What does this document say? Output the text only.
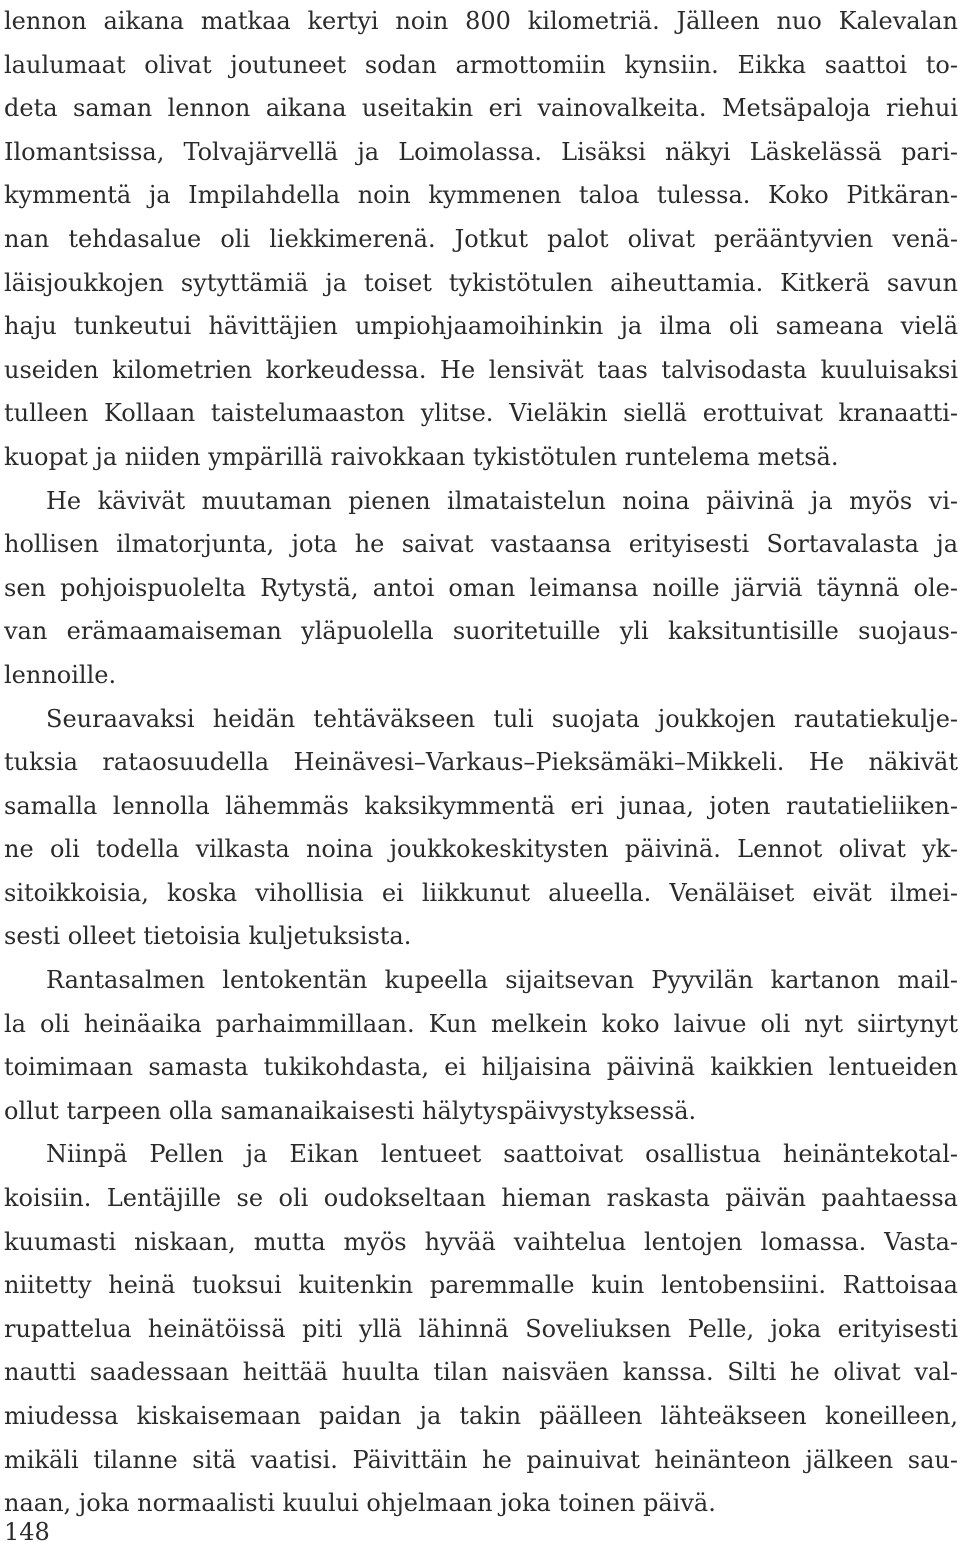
lennon aikana matkaa kertyi noin 800 kilometriä. Jälleen nuo Kalevalan
laulumaat olivat joutuneet sodan armottomiin kynsiin. Eikka saattoi to-
deta saman lennon aikana useitakin eri vainovalkeita. Metsäpaloja riehui
Ilomantsissa, Tolvajärvellä ja Loimolassa. Lisäksi näkyi Läskelässä pari-
kymmentä ja Impilahdella noin kymmenen taloa tulessa. Koko Pitkäran-
nan tehdasalue oli liekkimerenä. Jotkut palot olivat perääntyvien venä-
läisjoukkojen sytyttämiä ja toiset tykistötulen aiheuttamia. Kitkerä savun
haju tunkeutui hävittäjien umpiohjaamoihinkin ja ilma oli sameana vielä
useiden kilometrien korkeudessa. He lensivät taas talvisodasta kuuluisaksi
tulleen Kollaan taistelumaaston ylitse. Vieläkin siellä erottuivat kranaatti-
kuopat ja niiden ympärillä raivokkaan tykistötulen runtelema metsä.
He kävivät muutaman pienen ilmataistelun noina päivinä ja myös vi-
hollisen ilmatorjunta, jota he saivat vastaansa erityisesti Sortavalasta ja
sen pohjoispuolelta Rytystä, antoi oman leimansa noille järviä täynnä ole-
van erämaamaiseman yläpuolella suoritetuille yli kaksituntisille suojaus-
lennoille.
Seuraavaksi heidän tehtäväkseen tuli suojata joukkojen rautatiekulje-
tuksia rataosuudella Heinävesi–Varkaus–Pieksämäki–Mikkeli. He näkivät
samalla lennolla lähemmäs kaksikymmentä eri junaa, joten rautatieliiken-
ne oli todella vilkasta noina joukkokeskitysten päivinä. Lennot olivat yk-
sitoikkoisia, koska vihollisia ei liikkunut alueella. Venäläiset eivät ilmei-
sesti olleet tietoisia kuljetuksista.
Rantasalmen lentokentän kupeella sijaitsevan Pyyvilän kartanon mail-
la oli heinäaika parhaimmillaan. Kun melkein koko laivue oli nyt siirtynyt
toimimaan samasta tukikohdasta, ei hiljaisina päivinä kaikkien lentueiden
ollut tarpeen olla samanaikaisesti hälytyspäivystyksessä.
Niinpä Pellen ja Eikan lentueet saattoivat osallistua heinäntekotal-
koisiin. Lentäjille se oli oudokseltaan hieman raskasta päivän paahtaessa
kuumasti niskaan, mutta myös hyvää vaihtelua lentojen lomassa. Vasta-
niitetty heinä tuoksui kuitenkin paremmalle kuin lentobensiini. Rattoisaa
rupattelua heinätöissä piti yllä lähinnä Soveliuksen Pelle, joka erityisesti
nautti saadessaan heittää huulta tilan naisväen kanssa. Silti he olivat val-
miudessa kiskaisemaan paidan ja takin päälleen lähteäkseen koneilleen,
mikäli tilanne sitä vaatisi. Päivittäin he painuivat heinänteon jälkeen sau-
naan, joka normaalisti kuului ohjelmaan joka toinen päivä.
148
